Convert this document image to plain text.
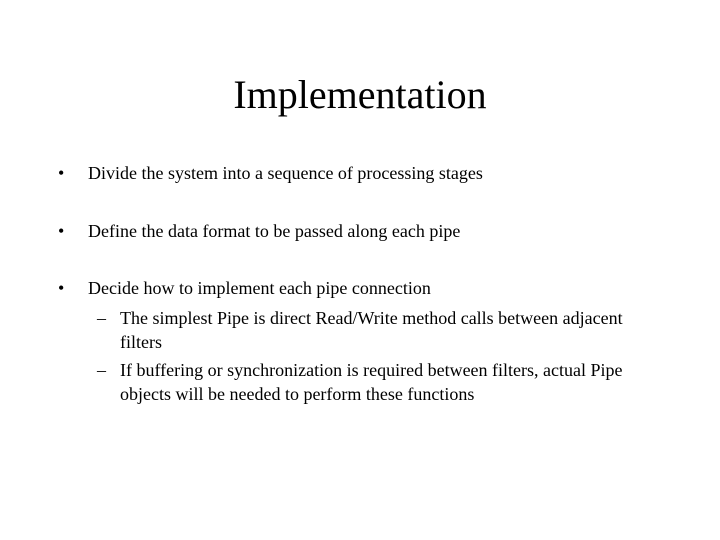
Implementation
•	Divide the system into a sequence of processing stages
•	Define the data format to be passed along each pipe
•	Decide how to implement each pipe connection
– The simplest Pipe is direct Read/Write method calls between adjacent filters
– If buffering or synchronization is required between filters, actual Pipe objects will be needed to perform these functions
